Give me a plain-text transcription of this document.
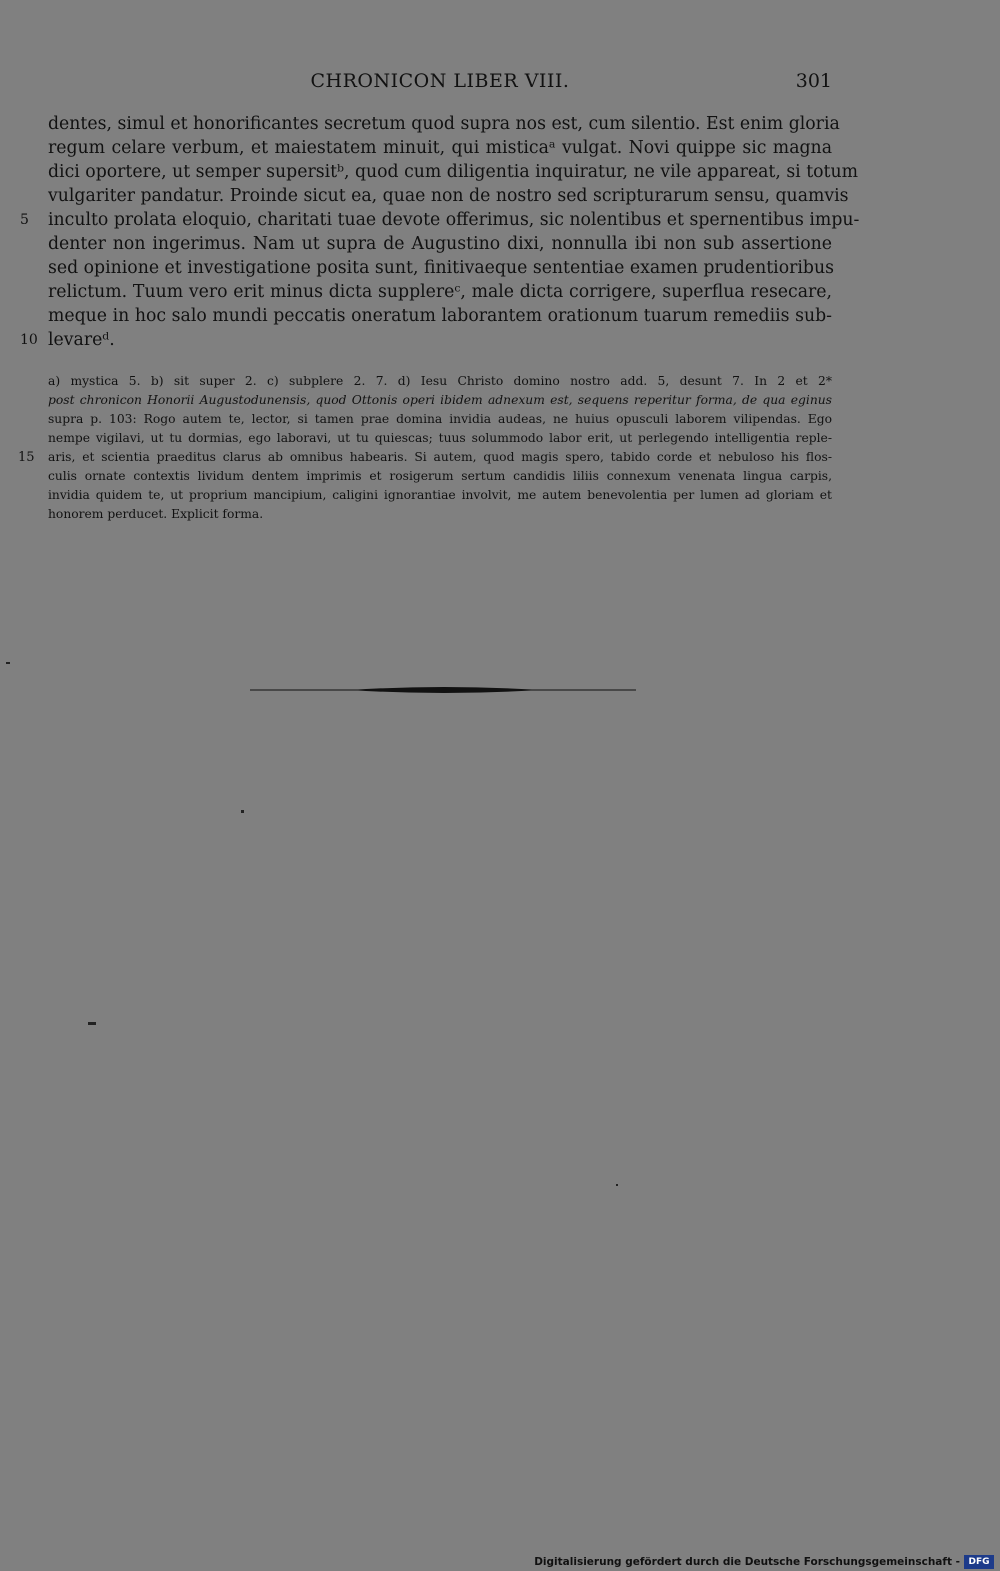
CHRONICON LIBER VIII.	301
dentes, simul et honorificantes secretum quod supra nos est, cum silentio. Est enim gloria
regum celare verbum, et maiestatem minuit, qui misticaᵃ vulgat. Novi quippe sic magna
dici oportere, ut semper supersitᵇ, quod cum diligentia inquiratur, ne vile appareat, si totum
vulgariter pandatur. Proinde sicut ea, quae non de nostro sed scripturarum sensu, quamvis
5	inculto prolata eloquio, charitati tuae devote offerimus, sic nolentibus et spernentibus impu-
denter non ingerimus. Nam ut supra de Augustino dixi, nonnulla ibi non sub assertione
sed opinione et investigatione posita sunt, finitivaeque sententiae examen prudentioribus
relictum. Tuum vero erit minus dicta supplereᶜ, male dicta corrigere, superflua resecare,
meque in hoc salo mundi peccatis oneratum laborantem orationum tuarum remediis sub-
10 levareᵈ.
a) mystica 5. b) sit super 2. c) subplere 2. 7. d) Iesu Christo domino nostro add. 5, desunt 7. In 2 et 2*
post chronicon Honorii Augustodunensis, quod Ottonis operi ibidem adnexum est, sequens reperitur forma, de qua eginus
supra p. 103: Rogo autem te, lector, si tamen prae domina invidia audeas, ne huius opusculi laborem vilipendas. Ego
nempe vigilavi, ut tu dormias, ego laboravi, ut tu quiescas; tuus solummodo labor erit, ut perlegendo intelligentia reple-
15	aris, et scientia praeditus clarus ab omnibus habearis. Si autem, quod magis spero, tabido corde et nebuloso his flos-
culis ornate contextis lividum dentem imprimis et rosigerum sertum candidis liliis connexum venenata lingua carpis,
invidia quidem te, ut proprium mancipium, caligini ignorantiae involvit, me autem benevolentia per lumen ad gloriam et
honorem perducet. Explicit forma.
Digitalisierung gefördert durch die Deutsche Forschungsgemeinschaft - DFG
